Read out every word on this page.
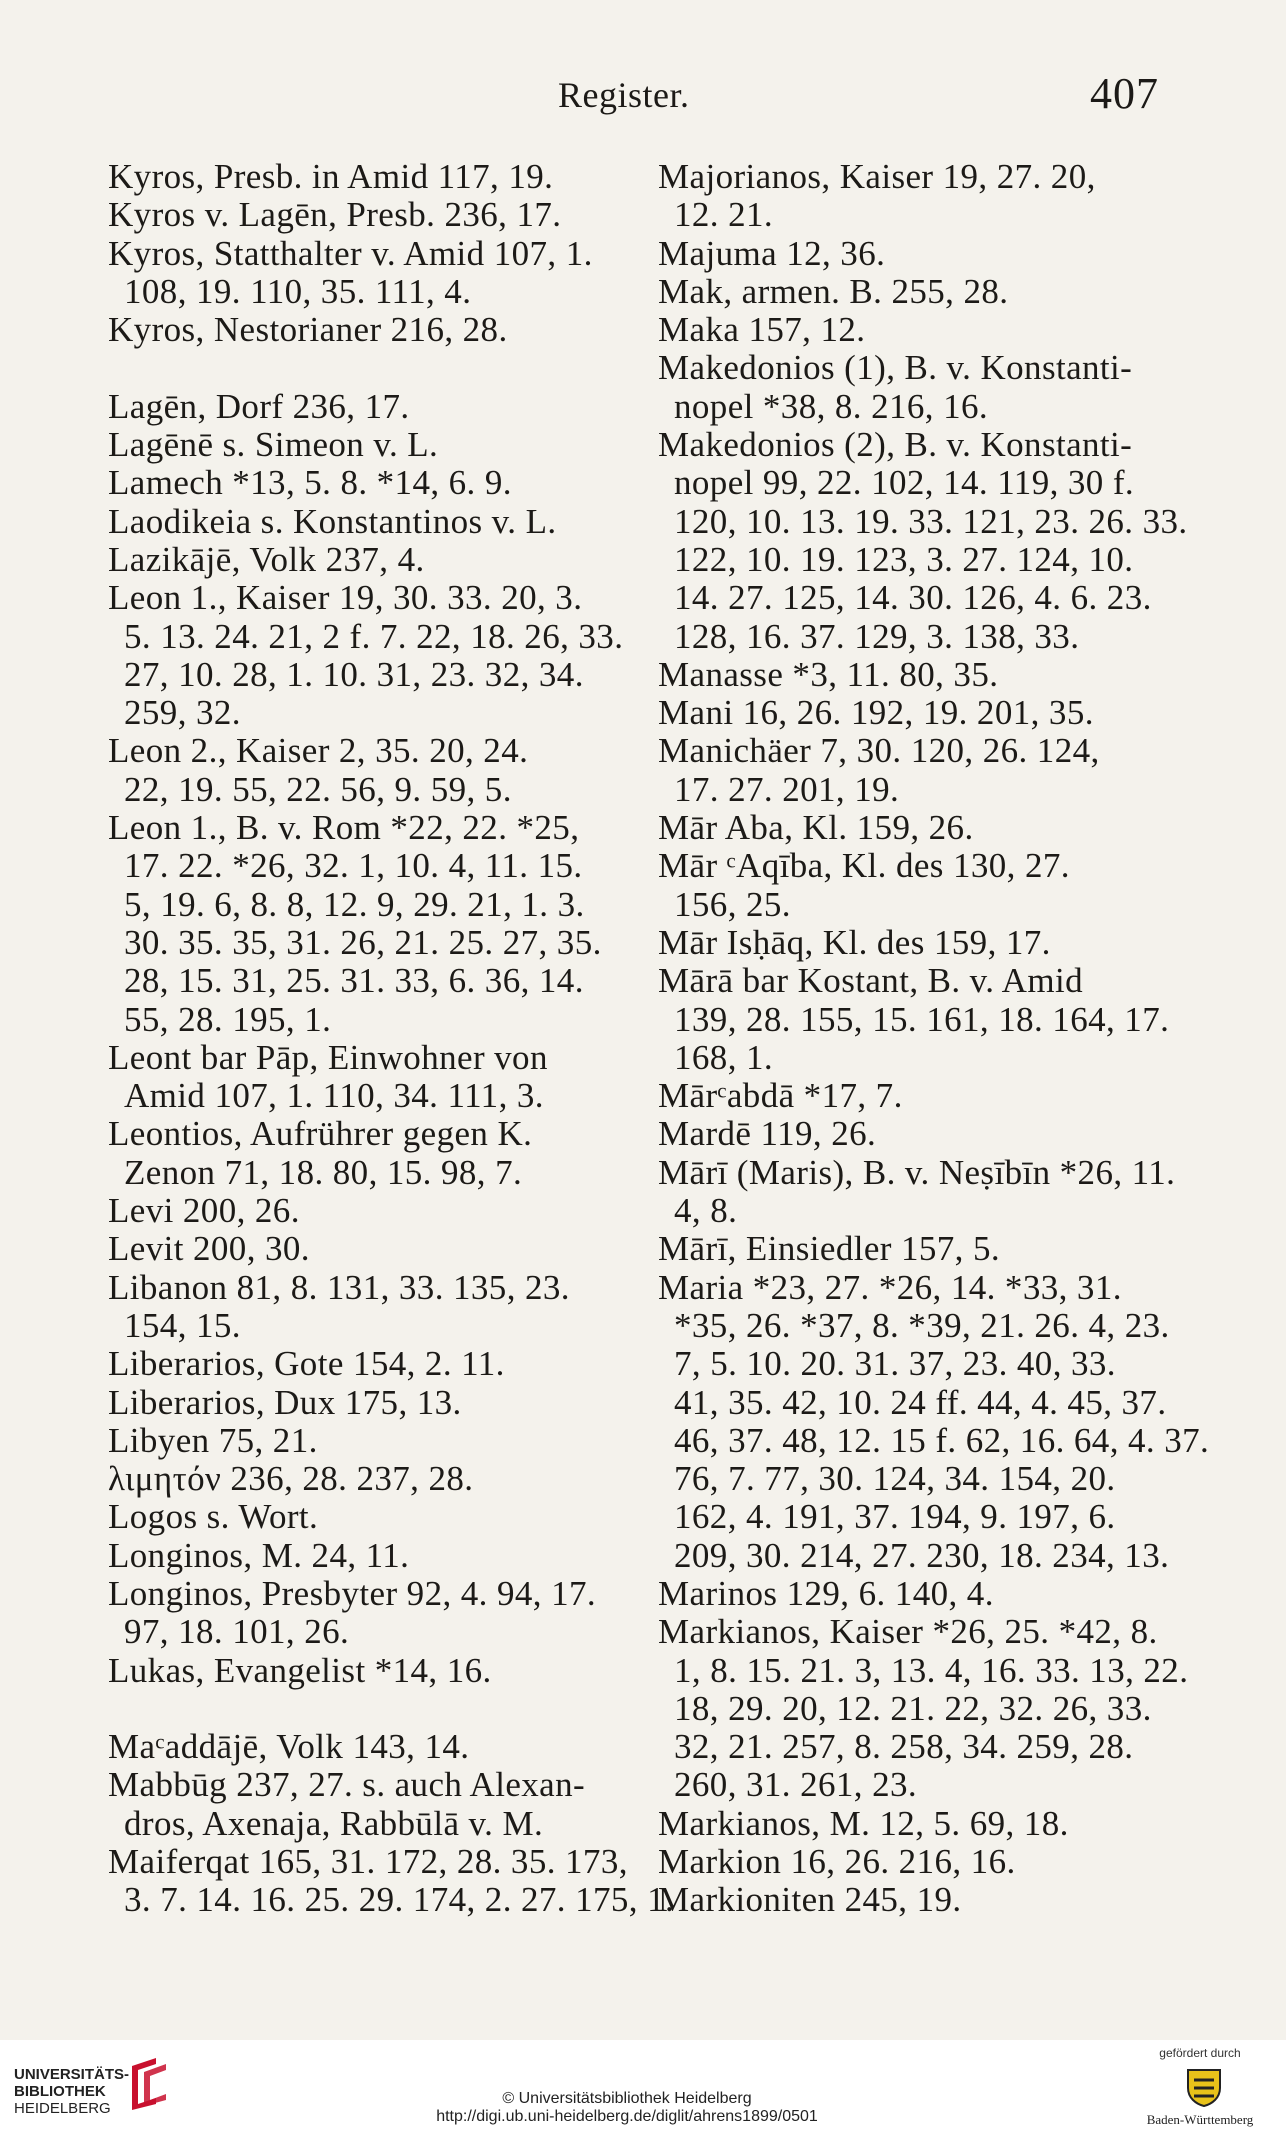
Register.	407
Kyros, Presb. in Amid 117, 19.
Kyros v. Lagēn, Presb. 236, 17.
Kyros, Statthalter v. Amid 107, 1.
108, 19. 110, 35. 111, 4.
Kyros, Nestorianer 216, 28.
Lagēn, Dorf 236, 17.
Lagēnē s. Simeon v. L.
Lamech *13, 5. 8. *14, 6. 9.
Laodikeia s. Konstantinos v. L.
Lazikājē, Volk 237, 4.
Leon 1., Kaiser 19, 30. 33. 20, 3.
5. 13. 24. 21, 2 f. 7. 22, 18. 26, 33.
27, 10. 28, 1. 10. 31, 23. 32, 34.
259, 32.
Leon 2., Kaiser 2, 35. 20, 24.
22, 19. 55, 22. 56, 9. 59, 5.
Leon 1., B. v. Rom *22, 22. *25,
17. 22. *26, 32. 1, 10. 4, 11. 15.
5, 19. 6, 8. 8, 12. 9, 29. 21, 1. 3.
30. 35. 35, 31. 26, 21. 25. 27, 35.
28, 15. 31, 25. 31. 33, 6. 36, 14.
55, 28. 195, 1.
Leont bar Pāp, Einwohner von
Amid 107, 1. 110, 34. 111, 3.
Leontios, Aufrührer gegen K.
Zenon 71, 18. 80, 15. 98, 7.
Levi 200, 26.
Levit 200, 30.
Libanon 81, 8. 131, 33. 135, 23.
154, 15.
Liberarios, Gote 154, 2. 11.
Liberarios, Dux 175, 13.
Libyen 75, 21.
λιμητόν 236, 28. 237, 28.
Logos s. Wort.
Longinos, M. 24, 11.
Longinos, Presbyter 92, 4. 94, 17.
97, 18. 101, 26.
Lukas, Evangelist *14, 16.
Maᶜaddājē, Volk 143, 14.
Mabbūg 237, 27. s. auch Alexan-
dros, Axenaja, Rabbūlā v. M.
Maiferqat 165, 31. 172, 28. 35. 173,
3. 7. 14. 16. 25. 29. 174, 2. 27. 175, 1.
Majorianos, Kaiser 19, 27. 20,
12. 21.
Majuma 12, 36.
Mak, armen. B. 255, 28.
Maka 157, 12.
Makedonios (1), B. v. Konstanti-
nopel *38, 8. 216, 16.
Makedonios (2), B. v. Konstanti-
nopel 99, 22. 102, 14. 119, 30 f.
120, 10. 13. 19. 33. 121, 23. 26. 33.
122, 10. 19. 123, 3. 27. 124, 10.
14. 27. 125, 14. 30. 126, 4. 6. 23.
128, 16. 37. 129, 3. 138, 33.
Manasse *3, 11. 80, 35.
Mani 16, 26. 192, 19. 201, 35.
Manichäer 7, 30. 120, 26. 124,
17. 27. 201, 19.
Mār Aba, Kl. 159, 26.
Mār ᶜAqība, Kl. des 130, 27.
156, 25.
Mār Isḥāq, Kl. des 159, 17.
Mārā bar Kostant, B. v. Amid
139, 28. 155, 15. 161, 18. 164, 17.
168, 1.
Mārᶜabdā *17, 7.
Mardē 119, 26.
Mārī (Maris), B. v. Neṣībīn *26, 11.
4, 8.
Mārī, Einsiedler 157, 5.
Maria *23, 27. *26, 14. *33, 31.
*35, 26. *37, 8. *39, 21. 26. 4, 23.
7, 5. 10. 20. 31. 37, 23. 40, 33.
41, 35. 42, 10. 24 ff. 44, 4. 45, 37.
46, 37. 48, 12. 15 f. 62, 16. 64, 4. 37.
76, 7. 77, 30. 124, 34. 154, 20.
162, 4. 191, 37. 194, 9. 197, 6.
209, 30. 214, 27. 230, 18. 234, 13.
Marinos 129, 6. 140, 4.
Markianos, Kaiser *26, 25. *42, 8.
1, 8. 15. 21. 3, 13. 4, 16. 33. 13, 22.
18, 29. 20, 12. 21. 22, 32. 26, 33.
32, 21. 257, 8. 258, 34. 259, 28.
260, 31. 261, 23.
Markianos, M. 12, 5. 69, 18.
Markion 16, 26. 216, 16.
Markioniten 245, 19.
UNIVERSITÄTS-
BIBLIOTHEK
HEIDELBERG
© Universitätsbibliothek Heidelberg
http://digi.ub.uni-heidelberg.de/diglit/ahrens1899/0501
gefördert durch
Baden-Württemberg
